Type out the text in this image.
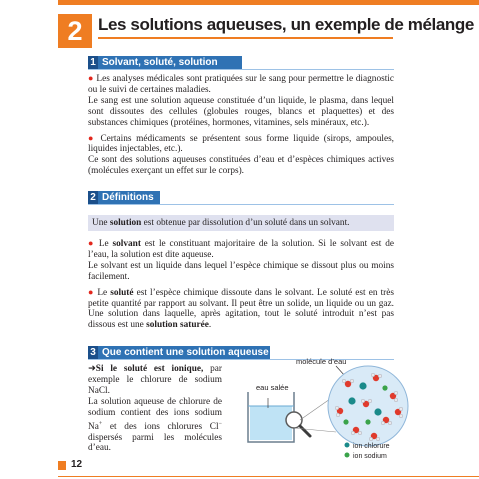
2 Les solutions aqueuses, un exemple de mélange
1 Solvant, soluté, solution

● Les analyses médicales sont pratiquées sur le sang pour permettre le diagnostic ou le suivi de certaines maladies.

Le sang est une solution aqueuse constituée d’un liquide, le plasma, dans lequel sont dissoutes des cellules (globules rouges, blancs et plaquettes) et des substances chimiques (protéines, hormones, vitamines, sels minéraux, etc.).

● Certains médicaments se présentent sous forme liquide (sirops, ampoules, liquides injectables, etc.).

Ce sont des solutions aqueuses constituées d’eau et d’espèces chimiques actives (molécules exerçant un effet sur le corps).

2 Définitions
Une solution est obtenue par dissolution d’un soluté dans un solvant.

● Le solvant est le constituant majoritaire de la solution. Si le solvant est de l’eau, la solution est dite aqueuse.

Le solvant est un liquide dans lequel l’espèce chimique se dissout plus ou moins facilement.

● Le soluté est l’espèce chimique dissoute dans le solvant. Le soluté est en très petite quantité par rapport au solvant. Il peut être un solide, un liquide ou un gaz. Une solution dans laquelle, après agitation, tout le soluté introduit n’est pas dissous est une solution saturée.

3 Que contient une solution aqueuse ?

➜Si le soluté est ionique, par exemple le chlorure de sodium NaCl.

La solution aqueuse de chlorure de sodium contient des ions sodium Na+ et des ions chlorures Cl− dispersés parmi les molécules d’eau.

eau salée
molécule d’eau
ion chlorure
ion sodium
12
